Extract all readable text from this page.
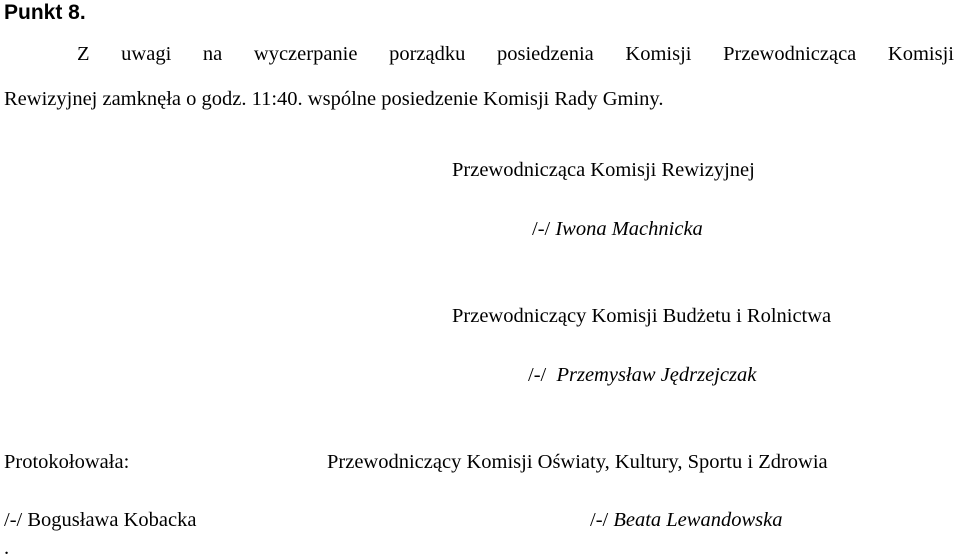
Punkt 8.
Z uwagi na wyczerpanie porządku posiedzenia Komisji Przewodnicząca Komisji
Rewizyjnej zamknęła o godz. 11:40. wspólne posiedzenie Komisji Rady Gminy.
Przewodnicząca Komisji Rewizyjnej
/-/ Iwona Machnicka
Przewodniczący Komisji Budżetu i Rolnictwa
/-/ Przemysław Jędrzejczak
Protokołowała:
/-/ Bogusława Kobacka
.
Przewodniczący Komisji Oświaty, Kultury, Sportu i Zdrowia
/-/ Beata Lewandowska
